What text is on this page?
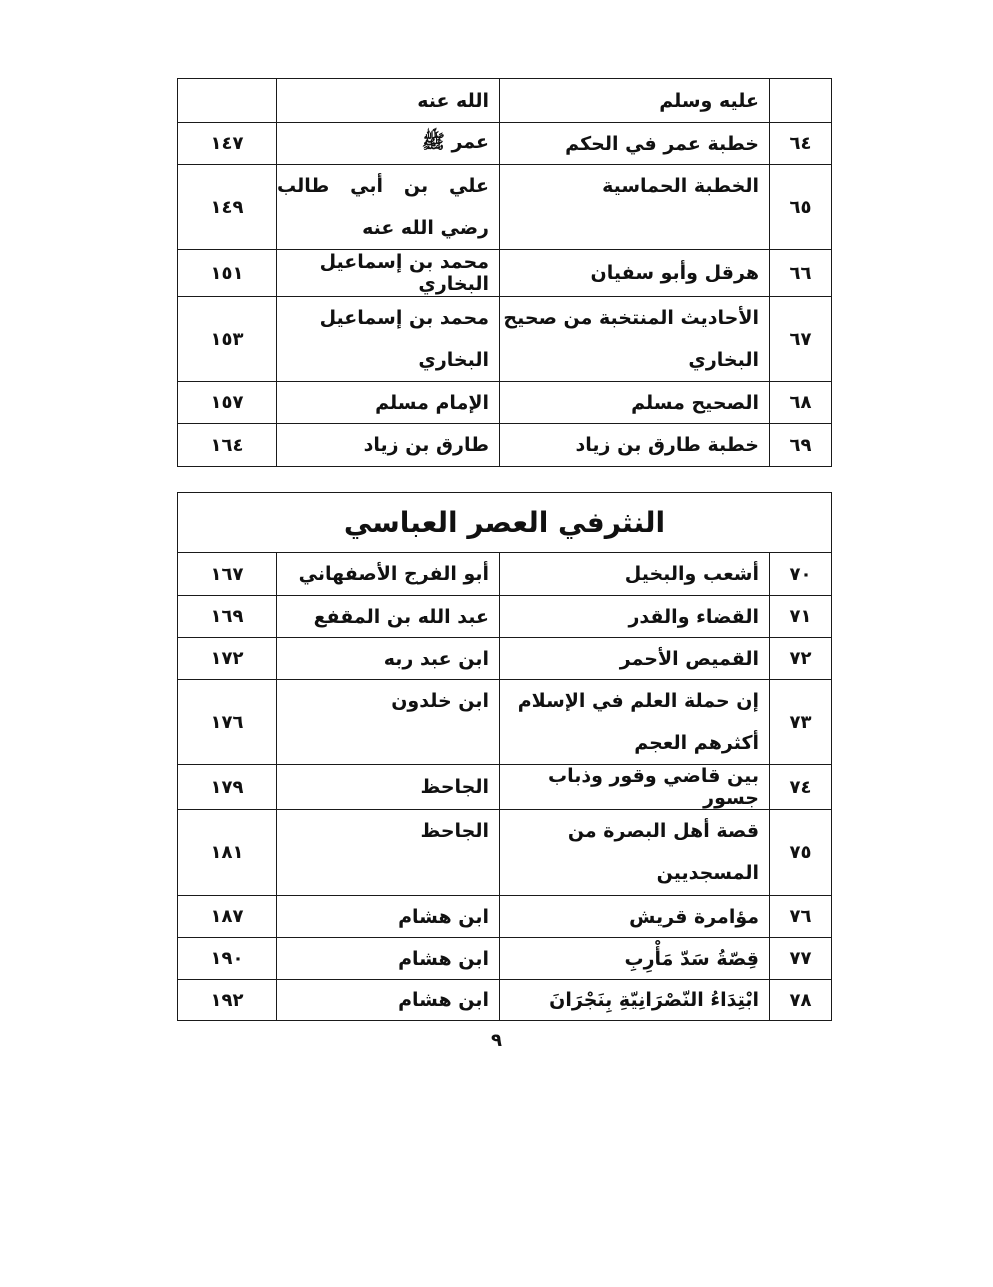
	عليه وسلم	الله عنه	
٦٤	خطبة عمر في الحكم	عمر ﷺ	١٤٧
٦٥	الخطبة الحماسية	علي بن أبي طالب رضي الله عنه	١٤٩
٦٦	هرقل وأبو سفيان	محمد بن إسماعيل البخاري	١٥١
٦٧	الأحاديث المنتخبة من صحيح البخاري	محمد بن إسماعيل البخاري	١٥٣
٦٨	الصحيح مسلم	الإمام مسلم	١٥٧
٦٩	خطبة طارق بن زياد	طارق بن زياد	١٦٤
النثرفي العصر العباسي			
٧٠	أشعب والبخيل	أبو الفرج الأصفهاني	١٦٧
٧١	القضاء والقدر	عبد الله بن المقفع	١٦٩
٧٢	القميص الأحمر	ابن عبد ربه	١٧٢
٧٣	إن حملة العلم في الإسلام أكثرهم العجم	ابن خلدون	١٧٦
٧٤	بين قاضي وقور وذباب جسور	الجاحظ	١٧٩
٧٥	قصة أهل البصرة من المسجديين	الجاحظ	١٨١
٧٦	مؤامرة قريش	ابن هشام	١٨٧
٧٧	قِصّةُ سَدّ مَأْرِبِ	ابن هشام	١٩٠
٧٨	ابْتِدَاءُ النّصْرَانِيّةِ بِنَجْرَانَ	ابن هشام	١٩٢
٩
